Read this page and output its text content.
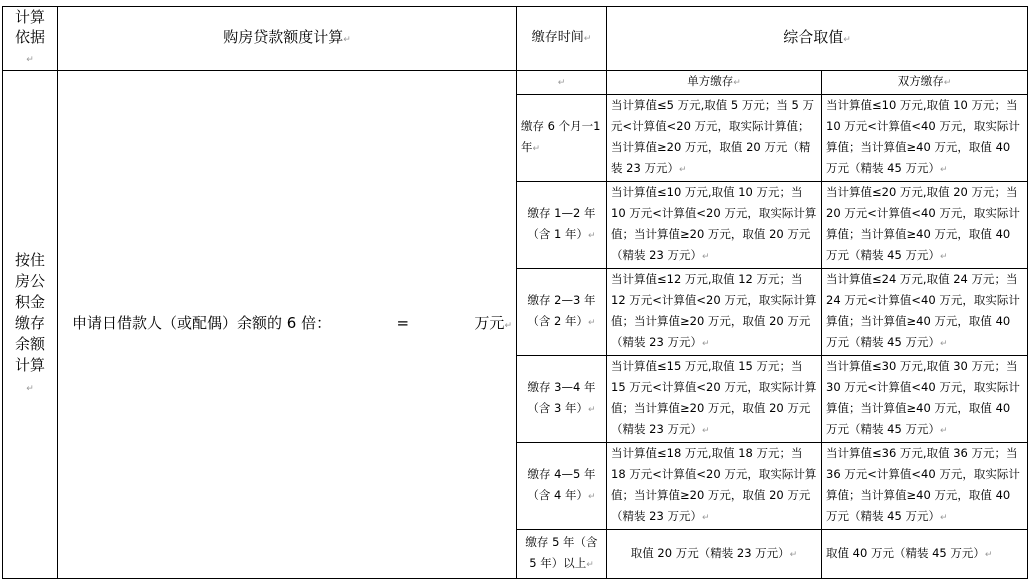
计算依据 ↵	购房贷款额度计算 ↵	缴存时间 ↵	综合取值 ↵

按住房公积金缴存余额计算 ↵	申请日借款人（或配偶）余额的 6 倍： = 万元 ↵
	↵	单方缴存 ↵	双方缴存 ↵
		缴存 6 个月一1 年 ↵	当计算值≤5 万元,取值 5 万元；当 5 万元<计算值<20 万元，取实际计算值；当计算值≥20 万元，取值 20 万元（精装 23 万元） ↵	当计算值≤10 万元,取值 10 万元；当 10 万元<计算值<40 万元，取实际计算值；当计算值≥40 万元，取值 40 万元（精装 45 万元） ↵
		缴存 1—2 年（含 1 年） ↵	当计算值≤10 万元,取值 10 万元；当 10 万元<计算值<20 万元，取实际计算值；当计算值≥20 万元，取值 20 万元（精装 23 万元） ↵	当计算值≤20 万元,取值 20 万元；当 20 万元<计算值<40 万元，取实际计算值；当计算值≥40 万元，取值 40 万元（精装 45 万元） ↵
		缴存 2—3 年（含 2 年） ↵	当计算值≤12 万元,取值 12 万元；当 12 万元<计算值<20 万元，取实际计算值；当计算值≥20 万元，取值 20 万元（精装 23 万元） ↵	当计算值≤24 万元,取值 24 万元；当 24 万元<计算值<40 万元，取实际计算值；当计算值≥40 万元，取值 40 万元（精装 45 万元） ↵
		缴存 3—4 年（含 3 年） ↵	当计算值≤15 万元,取值 15 万元；当 15 万元<计算值<20 万元，取实际计算值；当计算值≥20 万元，取值 20 万元（精装 23 万元） ↵	当计算值≤30 万元,取值 30 万元；当 30 万元<计算值<40 万元，取实际计算值；当计算值≥40 万元，取值 40 万元（精装 45 万元） ↵
		缴存 4—5 年（含 4 年） ↵	当计算值≤18 万元,取值 18 万元；当 18 万元<计算值<20 万元，取实际计算值；当计算值≥20 万元，取值 20 万元（精装 23 万元） ↵	当计算值≤36 万元,取值 36 万元；当 36 万元<计算值<40 万元，取实际计算值；当计算值≥40 万元，取值 40 万元（精装 45 万元） ↵
		缴存 5 年（含 5 年）以上 ↵	取值 20 万元（精装 23 万元） ↵	取值 40 万元（精装 45 万元） ↵
